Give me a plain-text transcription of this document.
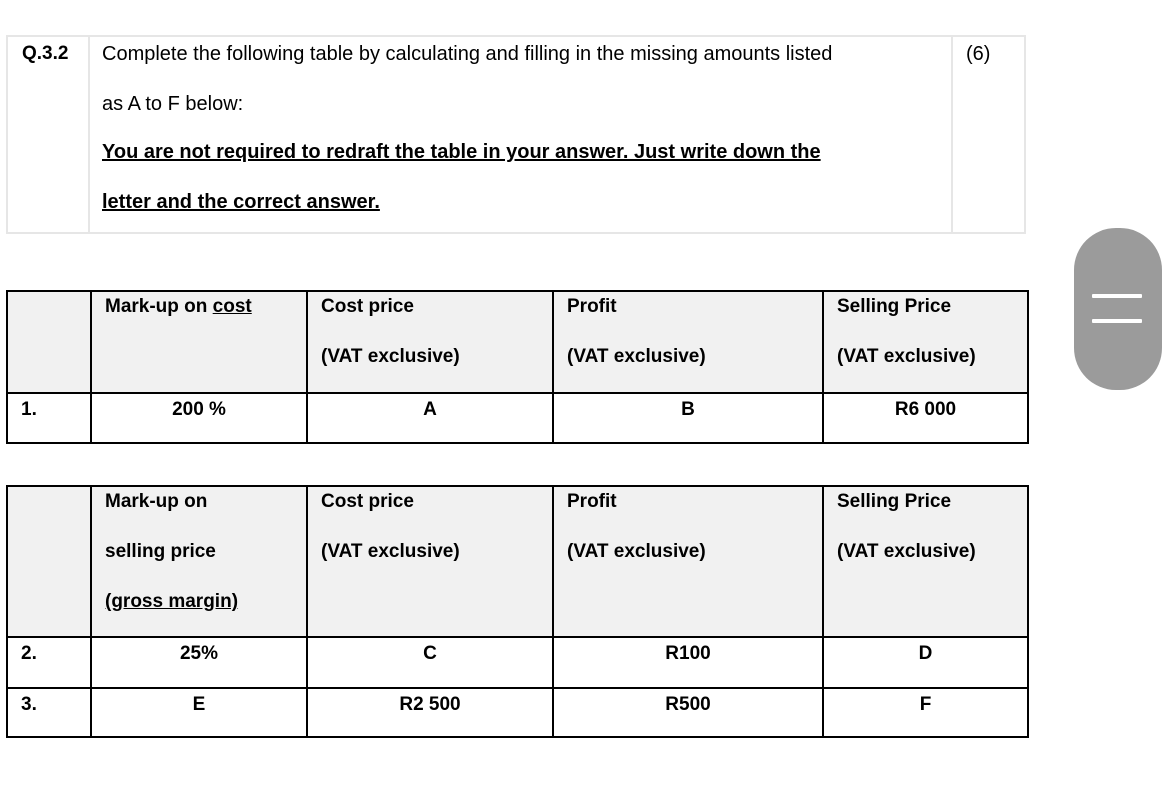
Q.3.2 Complete the following table by calculating and filling in the missing amounts listed
as A to F below:
You are not required to redraft the table in your answer. Just write down the
letter and the correct answer.
(6)

	Mark-up on cost	Cost price
(VAT exclusive)	Profit
(VAT exclusive)	Selling Price
(VAT exclusive)

1.	200 %	A	B	R6 000

	Mark-up on
selling price
(gross margin)	Cost price
(VAT exclusive)	Profit
(VAT exclusive)	Selling Price
(VAT exclusive)

2.	25%	C	R100	D

3.	E	R2 500	R500	F
